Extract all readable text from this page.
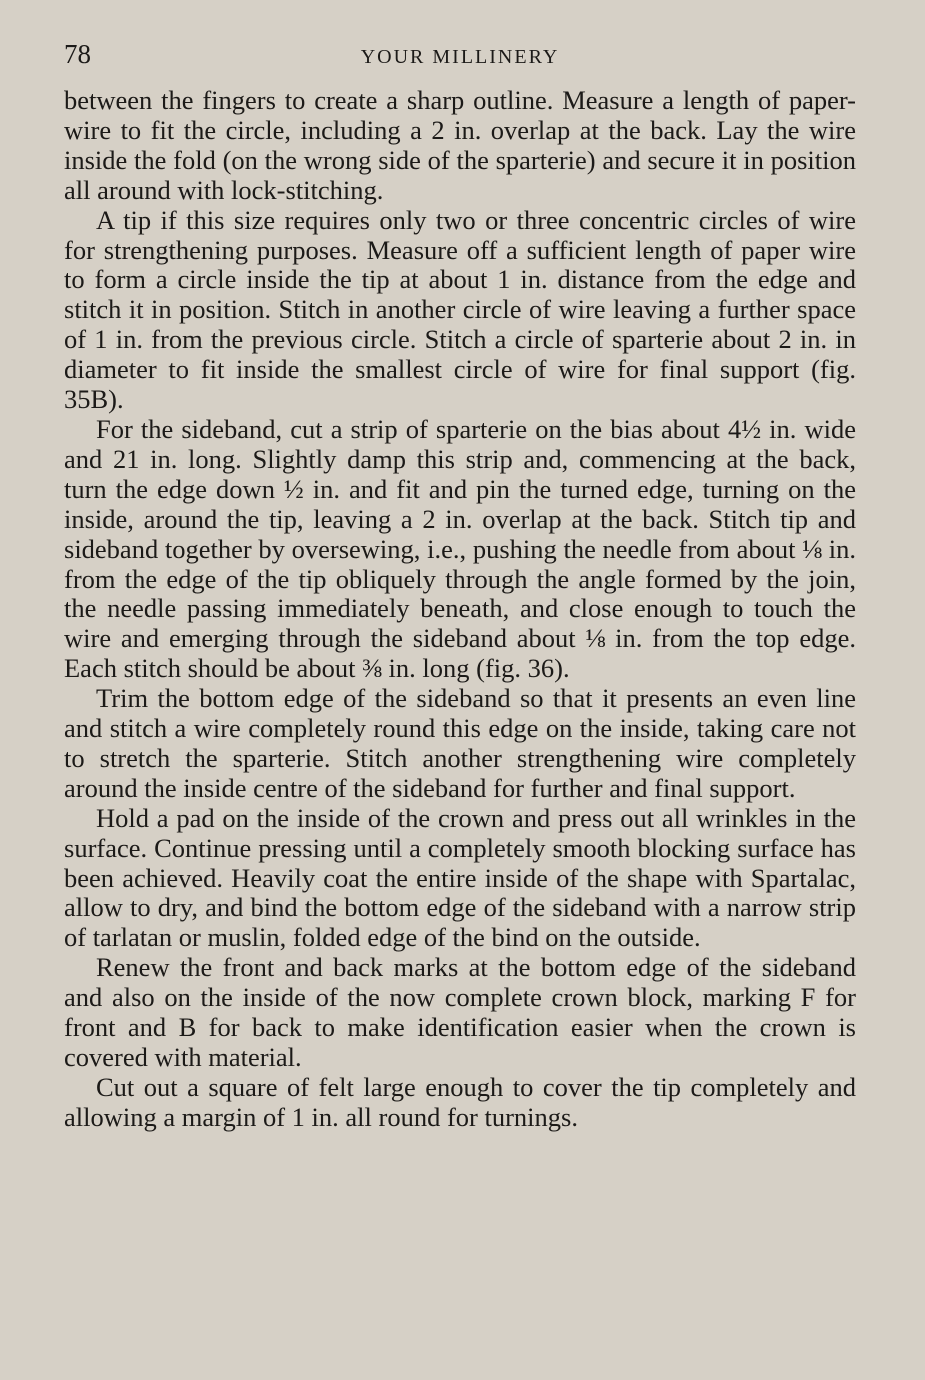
78	YOUR MILLINERY

between the fingers to create a sharp outline. Measure a length of paper-wire to fit the circle, including a 2 in. overlap at the back. Lay the wire inside the fold (on the wrong side of the sparterie) and secure it in position all around with lock-stitching.

A tip if this size requires only two or three concentric circles of wire for strengthening purposes. Measure off a sufficient length of paper wire to form a circle inside the tip at about 1 in. distance from the edge and stitch it in position. Stitch in another circle of wire leaving a further space of 1 in. from the previous circle. Stitch a circle of sparterie about 2 in. in diameter to fit inside the smallest circle of wire for final support (fig. 35B).

For the sideband, cut a strip of sparterie on the bias about 4½ in. wide and 21 in. long. Slightly damp this strip and, commencing at the back, turn the edge down ½ in. and fit and pin the turned edge, turning on the inside, around the tip, leaving a 2 in. overlap at the back. Stitch tip and sideband together by oversewing, i.e., pushing the needle from about ⅛ in. from the edge of the tip obliquely through the angle formed by the join, the needle passing immediately beneath, and close enough to touch the wire and emerging through the sideband about ⅛ in. from the top edge. Each stitch should be about ⅜ in. long (fig. 36).

Trim the bottom edge of the sideband so that it presents an even line and stitch a wire completely round this edge on the inside, taking care not to stretch the sparterie. Stitch another strengthening wire completely around the inside centre of the sideband for further and final support.

Hold a pad on the inside of the crown and press out all wrinkles in the surface. Continue pressing until a completely smooth blocking surface has been achieved. Heavily coat the entire inside of the shape with Spartalac, allow to dry, and bind the bottom edge of the sideband with a narrow strip of tarlatan or muslin, folded edge of the bind on the outside.

Renew the front and back marks at the bottom edge of the sideband and also on the inside of the now complete crown block, marking F for front and B for back to make identification easier when the crown is covered with material.

Cut out a square of felt large enough to cover the tip completely and allowing a margin of 1 in. all round for turnings.
